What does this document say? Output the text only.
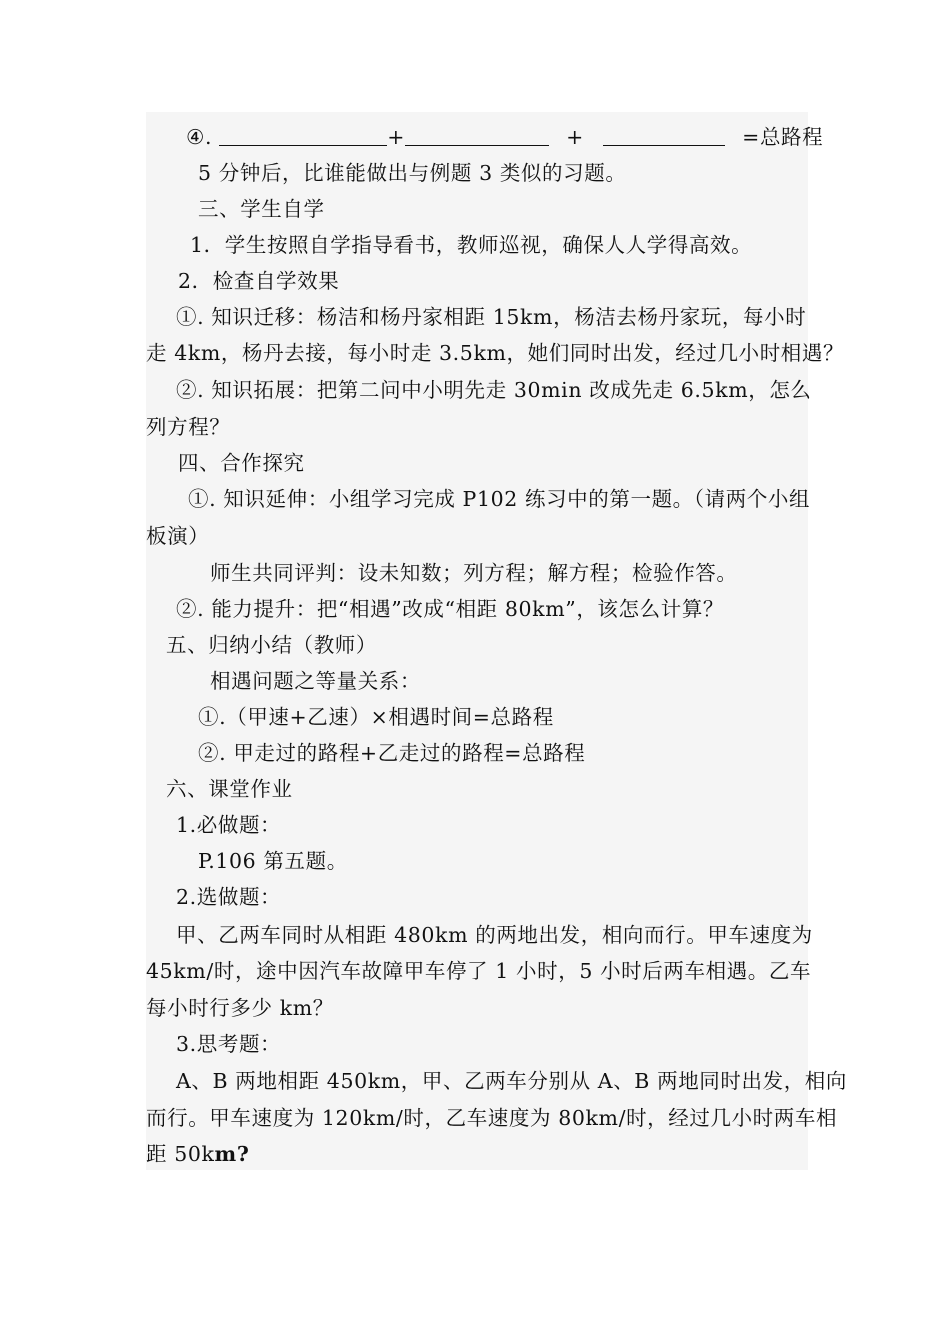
④.	+	+	=总路程
5 分钟后，比谁能做出与例题 3 类似的习题。
三、学生自学
1．学生按照自学指导看书，教师巡视，确保人人学得高效。
2．检查自学效果
①. 知识迁移：杨洁和杨丹家相距 15km，杨洁去杨丹家玩，每小时
走 4km，杨丹去接，每小时走 3.5km，她们同时出发，经过几小时相遇？
②. 知识拓展：把第二问中小明先走 30min 改成先走 6.5km，怎么
列方程？
四、合作探究
①. 知识延伸：小组学习完成 P102 练习中的第一题。（请两个小组
板演）
师生共同评判：设未知数；列方程；解方程；检验作答。
②. 能力提升：把“相遇”改成“相距 80km”，该怎么计算？
五、归纳小结（教师）
相遇问题之等量关系：
①.（甲速+乙速）×相遇时间=总路程
②. 甲走过的路程+乙走过的路程=总路程
六、课堂作业
1.必做题：
P.106 第五题。
2.选做题：
甲、乙两车同时从相距 480km 的两地出发，相向而行。甲车速度为
45km/时，途中因汽车故障甲车停了 1 小时，5 小时后两车相遇。乙车
每小时行多少 km？
3.思考题：
A、B 两地相距 450km，甲、乙两车分别从 A、B 两地同时出发，相向
而行。甲车速度为 120km/时，乙车速度为 80km/时，经过几小时两车相
距 50km?
